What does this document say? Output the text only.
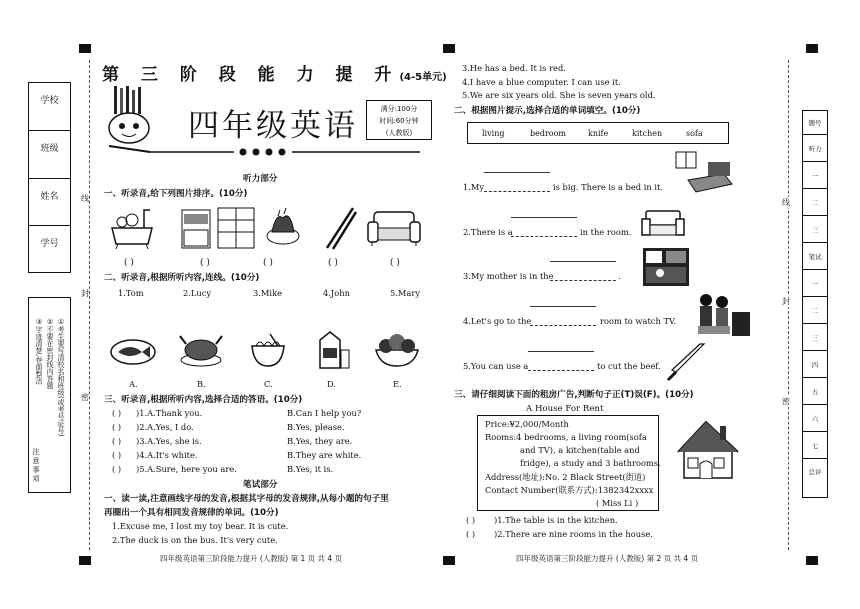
学校
班级
姓名
学号
①考生要写清校名和班级(或考号证号)
②不要在密封线内答题
③字迹清楚,卷面整洁
注意事项
线
封
密
第 三 阶 段 能 力 提 升(4-5单元)
四年级英语	满分:100分
时间:60分钟
(人教版)
听力部分
一、听录音,给下列图片排序。(10分)
( )	( )	( )	( )	( )
二、听录音,根据所听内容,连线。(10分)
1.Tom	2.Lucy	3.Mike	4.John	5.Mary
A.	B.	C.	D.	E.
三、听录音,根据所听内容,选择合适的答语。(10分)
( ) )1.A.Thank you.	B.Can I help you?
( ) )2.A.Yes, I do.	B.Yes, please.
( ) )3.A.Yes, she is.	B.Yes, they are.
( ) )4.A.It's white.	B.They are white.
( ) )5.A.Sure, here you are.	B.Yes, it is.
笔试部分
一、读一读,注意画线字母的发音,根据其字母的发音规律,从每小题的句子里
再圈出一个具有相同发音规律的单词。(10分)
1.Excuse me, I lost my toy bear. It is cute.
2.The duck is on the bus. It's very cute.
四年级英语第三阶段能力提升 (人教版) 第 1 页 共 4 页
3.He has a bed. It is red.
4.I have a blue computer. I can use it.
5.We are six years old. She is seven years old.
二、根据图片提示,选择合适的单词填空。(10分)
living	bedroom	knife	kitchen	sofa
1.My	is big. There is a bed in it.
2.There is a	in the room.
3.My mother is in the	.
4.Let's go to the	room to watch TV.
5.You can use a	to cut the beef.
三、请仔细阅读下面的租房广告,判断句子正(T)误(F)。(10分)
A House For Rent
Price:¥2,000/Month
Rooms:4 bedrooms, a living room(sofa
and TV), a kitchen(table and
fridge), a study and 3 bathrooms.
Address(地址):No. 2 Black Street(街道)
Contact Number(联系方式):1382342xxxx
( Miss Li )
( ) )1.The table is in the kitchen.
( ) )2.There are nine rooms in the house.
四年级英语第三阶段能力提升 (人教版) 第 2 页 共 4 页
线
封
密
题号
听力
一
二
三
笔试
一
二
三
四
五
六
七
总评
